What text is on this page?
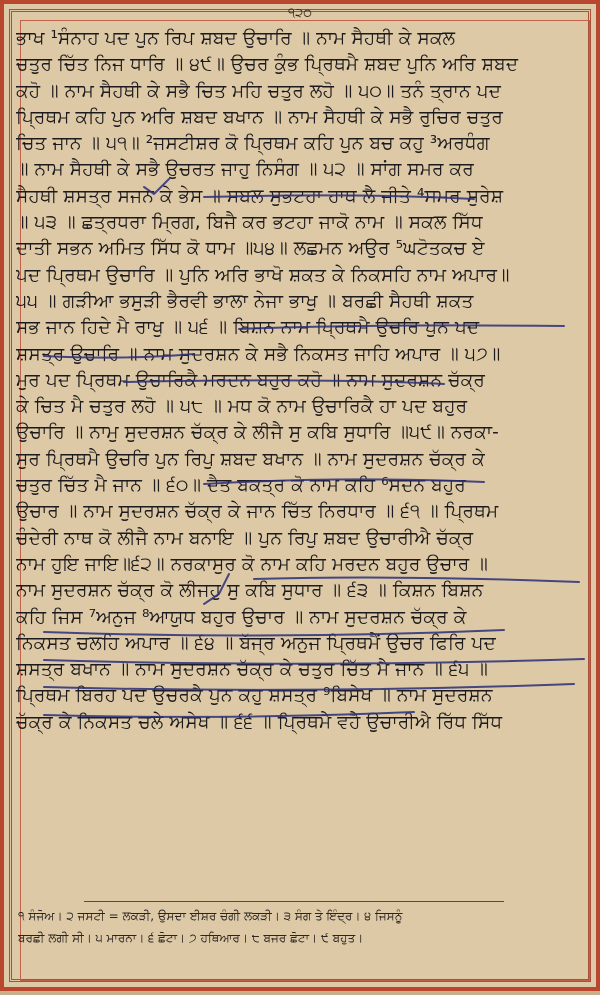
੧੨੦
ਭਾਖ ¹ਸੰਨਾਹ ਪਦ ਪੁਨ ਰਿਪ ਸ਼ਬਦ ਉਚਾਰਿ ॥ ਨਾਮ ਸੈਹਥੀ ਕੇ ਸਕਲ
ਚਤੁਰ ਚਿੱਤ ਨਿਜ ਧਾਰਿ ॥ ੪੯॥ ਉਚਰ ਕੁੰਭ ਪ੍ਰਿਥਮੈ ਸ਼ਬਦ ਪੁਨਿ ਅਰਿ ਸ਼ਬਦ
ਕਹੋ ॥ ਨਾਮ ਸੈਹਥੀ ਕੇ ਸਭੈ ਚਿਤ ਮਹਿ ਚਤੁਰ ਲਹੋ ॥ ੫੦॥ ਤਨੰ ਤ੍ਰਾਨ ਪਦ
ਪ੍ਰਿਥਮ ਕਹਿ ਪੁਨ ਅਰਿ ਸ਼ਬਦ ਬਖਾਨ ॥ ਨਾਮ ਸੈਹਥੀ ਕੇ ਸਭੈ ਰੁਚਿਰ ਚਤੁਰ
ਚਿਤ ਜਾਨ ॥ ੫੧॥ ²ਜਸਟੀਸ਼ਰ ਕੋ ਪ੍ਰਿਥਮ ਕਹਿ ਪੁਨ ਬਚ ਕਹੁ ³ਅਰਧੰਗ
॥ ਨਾਮ ਸੈਹਥੀ ਕੇ ਸਭੈ ਉਚਰਤ ਜਾਹੁ ਨਿਸੰਗ ॥ ੫੨ ॥ ਸਾਂਗ ਸਮਰ ਕਰ
ਸੈਹਥੀ ਸ਼ਸਤ੍ਰ ਸਜਨ ਕੇ ਭੇਸ ॥ ਸਬਲ ਸੁਭਟਹਾ ਹਾਥ ਲੈ ਜੀਤੇ ⁴ਸਮਰ ਸੁਰੇਸ਼
॥ ੫੩ ॥ ਛਤ੍ਰਧਰਾ ਮ੍ਰਿਗ, ਬਿਜੈ ਕਰ ਭਟਹਾ ਜਾਕੋ ਨਾਮ ॥ ਸਕਲ ਸਿੱਧ
ਦਾਤੀ ਸਭਨ ਅਮਿਤ ਸਿੱਧ ਕੋ ਧਾਮ ॥੫੪॥ ਲਛਮਨ ਅਉਰ ⁵ਘਟੋਤਕਚ ਏ
ਪਦ ਪ੍ਰਿਥਮ ਉਚਾਰਿ ॥ ਪੁਨਿ ਅਰਿ ਭਾਖੋ ਸ਼ਕਤ ਕੇ ਨਿਕਸਹਿ ਨਾਮ ਅਪਾਰ॥
੫੫ ॥ ਗੜੀਆ ਭਸੁੜੀ ਭੈਰਵੀ ਭਾਲਾ ਨੇਜਾ ਭਾਖੁ ॥ ਬਰਛੀ ਸੈਹਥੀ ਸ਼ਕਤ
ਸਭ ਜਾਨ ਹਿਦੇ ਮੈ ਰਾਖੁ ॥ ੫੬ ॥ ਬਿਸ਼ਨ ਨਾਮ ਪ੍ਰਿਥਮੈ ਉਚਰਿ ਪੁਨ ਪਦ
ਸ਼ਸਤ੍ਰ ਉਚਾਰਿ ॥ ਨਾਮ ਸੁਦਰਸ਼ਨ ਕੇ ਸਭੈ ਨਿਕਸਤ ਜਾਹਿ ਅਪਾਰ ॥ ੫੭॥
ਮੁਰ ਪਦ ਪ੍ਰਿਥਮ ਉਚਾਰਿਕੈ ਮਰਦਨ ਬਹੁਰ ਕਹੋ ॥ ਨਾਮ ਸੁਦਰਸ਼ਨ ਚੱਕ੍ਰ
ਕੇ ਚਿਤ ਮੈ ਚਤੁਰ ਲਹੋ ॥ ੫੮ ॥ ਮਧ ਕੋ ਨਾਮ ਉਚਾਰਿਕੈ ਹਾ ਪਦ ਬਹੁਰ
ਉਚਾਰਿ ॥ ਨਾਮੁ ਸੁਦਰਸ਼ਨ ਚੱਕ੍ਰ ਕੇ ਲੀਜੈ ਸੁ ਕਬਿ ਸੁਧਾਰਿ ॥੫੯॥ ਨਰਕਾ-
ਸੁਰ ਪ੍ਰਿਥਮੈ ਉਚਰਿ ਪੁਨ ਰਿਪੁ ਸ਼ਬਦ ਬਖਾਨ ॥ ਨਾਮ ਸੁਦਰਸ਼ਨ ਚੱਕ੍ਰ ਕੇ
ਚਤੁਰ ਚਿੱਤ ਮੈ ਜਾਨ ॥ ੬੦॥ ਦੈਤ ਬਕਤ੍ਰ ਕੋ ਨਾਮ ਕਹਿ ⁶ਸਦਨ ਬਹੁਰ
ਉਚਾਰ ॥ ਨਾਮ ਸੁਦਰਸ਼ਨ ਚੱਕ੍ਰ ਕੇ ਜਾਨ ਚਿੱਤ ਨਿਰਧਾਰ ॥ ੬੧ ॥ ਪ੍ਰਿਥਮ
ਚੰਦੇਰੀ ਨਾਥ ਕੋ ਲੀਜੈ ਨਾਮ ਬਨਾਇ ॥ ਪੁਨ ਰਿਪੁ ਸ਼ਬਦ ਉਚਾਰੀਐ ਚੱਕ੍ਰ
ਨਾਮ ਹੁਇ ਜਾਇ॥੬੨॥ ਨਰਕਾਸੁਰ ਕੋ ਨਾਮ ਕਹਿ ਮਰਦਨ ਬਹੁਰ ਉਚਾਰ ॥
ਨਾਮ ਸੁਦਰਸ਼ਨ ਚੱਕ੍ਰ ਕੋ ਲੀਜਹੁ ਸੁ ਕਬਿ ਸੁਧਾਰ ॥ ੬੩ ॥ ਕਿਸ਼ਨ ਬਿਸ਼ਨ
ਕਹਿ ਜਿਸ ⁷ਅਨੁਜ ⁸ਆਯੁਧ ਬਹੁਰ ਉਚਾਰ ॥ ਨਾਮ ਸੁਦਰਸ਼ਨ ਚੱਕ੍ਰ ਕੇ
ਨਿਕਸਤ ਚਲਹਿ ਅਪਾਰ ॥ ੬੪ ॥ ਬੱਜ੍ਰ ਅਨੁਜ ਪ੍ਰਿਥਮੈਂ ਉਚਰ ਫਿਰਿ ਪਦ
ਸ਼ਸਤ੍ਰ ਬਖਾਨ ॥ ਨਾਮ ਸੁਦਰਸ਼ਨ ਚੱਕ੍ਰ ਕੇ ਚਤੁਰ ਚਿੱਤ ਮੈ ਜਾਨ ॥ ੬੫ ॥
ਪ੍ਰਿਥਮ ਬਿਰਹ ਪਦ ਉਚਰਕੈ ਪੁਨ ਕਹੁ ਸ਼ਸਤ੍ਰ ⁹ਬਿਸੇਖ ॥ ਨਾਮ ਸੁਦਰਸ਼ਨ
ਚੱਕ੍ਰ ਕੇ ਨਿਕਸਤ ਚਲੇ ਅਸੇਖ ॥ ੬੬ ॥ ਪ੍ਰਿਥਮੈ ਵਹੈ ਉਚਾਰੀਐ ਰਿੱਧ ਸਿੱਧ
੧ ਸੰਜੋਅ। ੨ ਜਸਟੀ = ਲਕੜੀ, ਉਸਦਾ ਈਸ਼ਰ ਚੰਗੀ ਲਕੜੀ। ੩ ਸੰਗ ਤੇ ਇੰਦ੍ਰ। ੪ ਜਿਸਨੂੰ
ਬਰਛੀ ਲਗੀ ਸੀ। ੫ ਮਾਰਨਾ। ੬ ਛੋਟਾ। ੭ ਹਥਿਆਰ। ੮ ਬਜਰ ਛੋਟਾ। ੯ ਬਹੁਤ।
